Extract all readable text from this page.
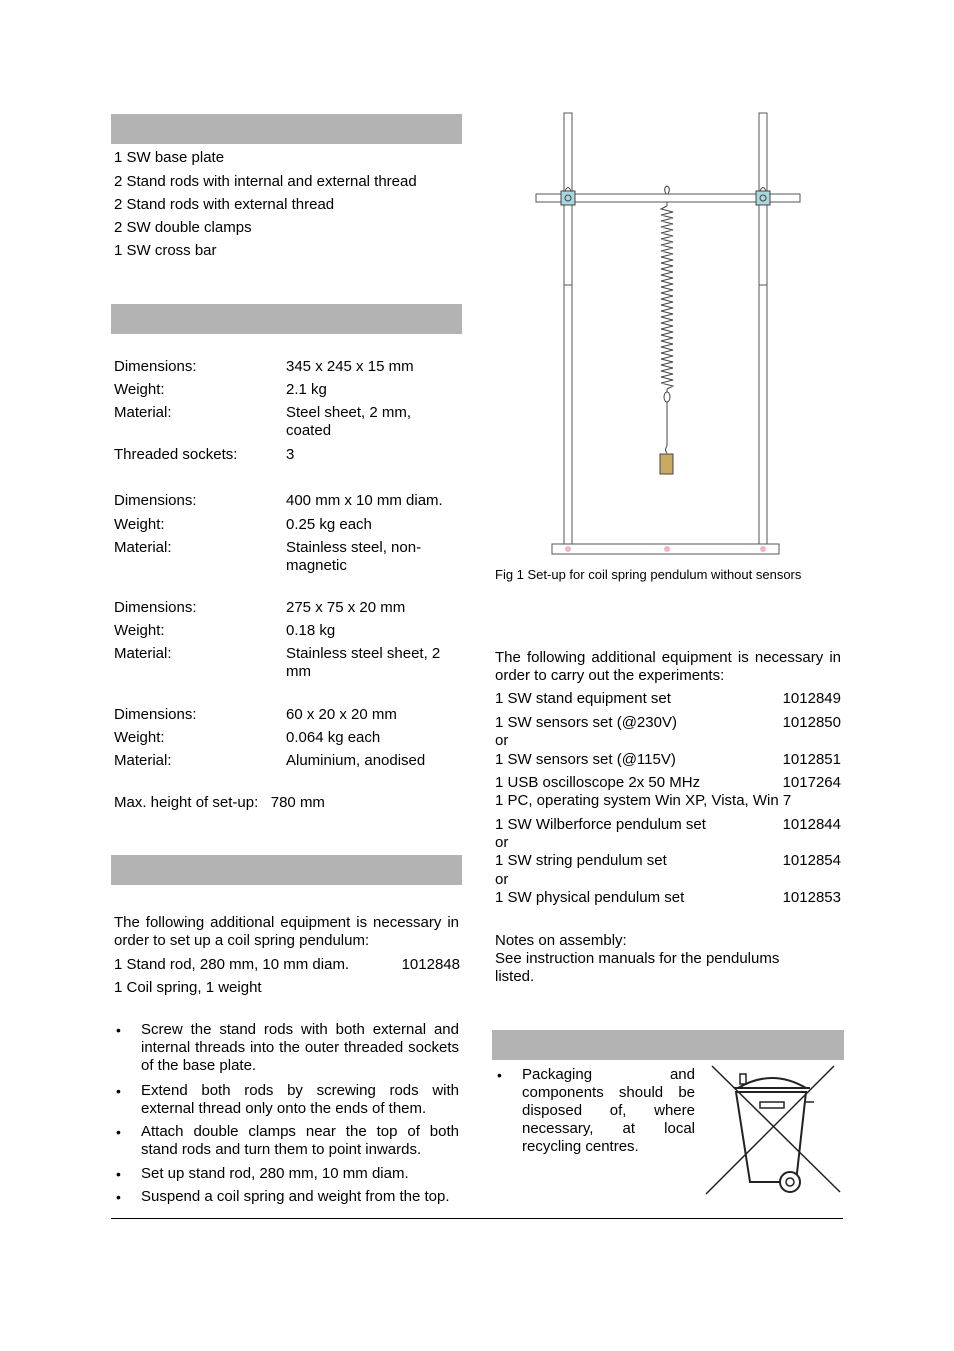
1 SW base plate
2 Stand rods with internal and external thread
2 Stand rods with external thread
2 SW double clamps
1 SW cross bar
Dimensions:	345 x 245 x 15 mm
Weight:	2.1 kg
Material:	Steel sheet, 2 mm, coated
Threaded sockets:	3
Dimensions:	400 mm x 10 mm diam.
Weight:	0.25 kg each
Material:	Stainless steel, non-magnetic
Dimensions:	275 x 75 x 20 mm
Weight:	0.18 kg
Material:	Stainless steel sheet, 2 mm
Dimensions:	60 x 20 x 20 mm
Weight:	0.064 kg each
Material:	Aluminium, anodised
Max. height of set-up:   780 mm
The following additional equipment is necessary in order to set up a coil spring pendulum:
1 Stand rod, 280 mm, 10 mm diam.	1012848
1 Coil spring, 1 weight
• Screw the stand rods with both external and internal threads into the outer threaded sockets of the base plate.
• Extend both rods by screwing rods with external thread only onto the ends of them.
• Attach double clamps near the top of both stand rods and turn them to point inwards.
• Set up stand rod, 280 mm, 10 mm diam.
• Suspend a coil spring and weight from the top.
Fig 1 Set-up for coil spring pendulum without sensors
The following additional equipment is necessary in order to carry out the experiments:
1 SW stand equipment set	1012849
1 SW sensors set (@230V)	1012850
or
1 SW sensors set (@115V)	1012851
1 USB oscilloscope 2x 50 MHz	1017264
1 PC, operating system Win XP, Vista, Win 7
1 SW Wilberforce pendulum set	1012844
or
1 SW string pendulum set	1012854
or
1 SW physical pendulum set	1012853
Notes on assembly:
See instruction manuals for the pendulums listed.
• Packaging and components should be disposed of, where necessary, at local recycling centres.
